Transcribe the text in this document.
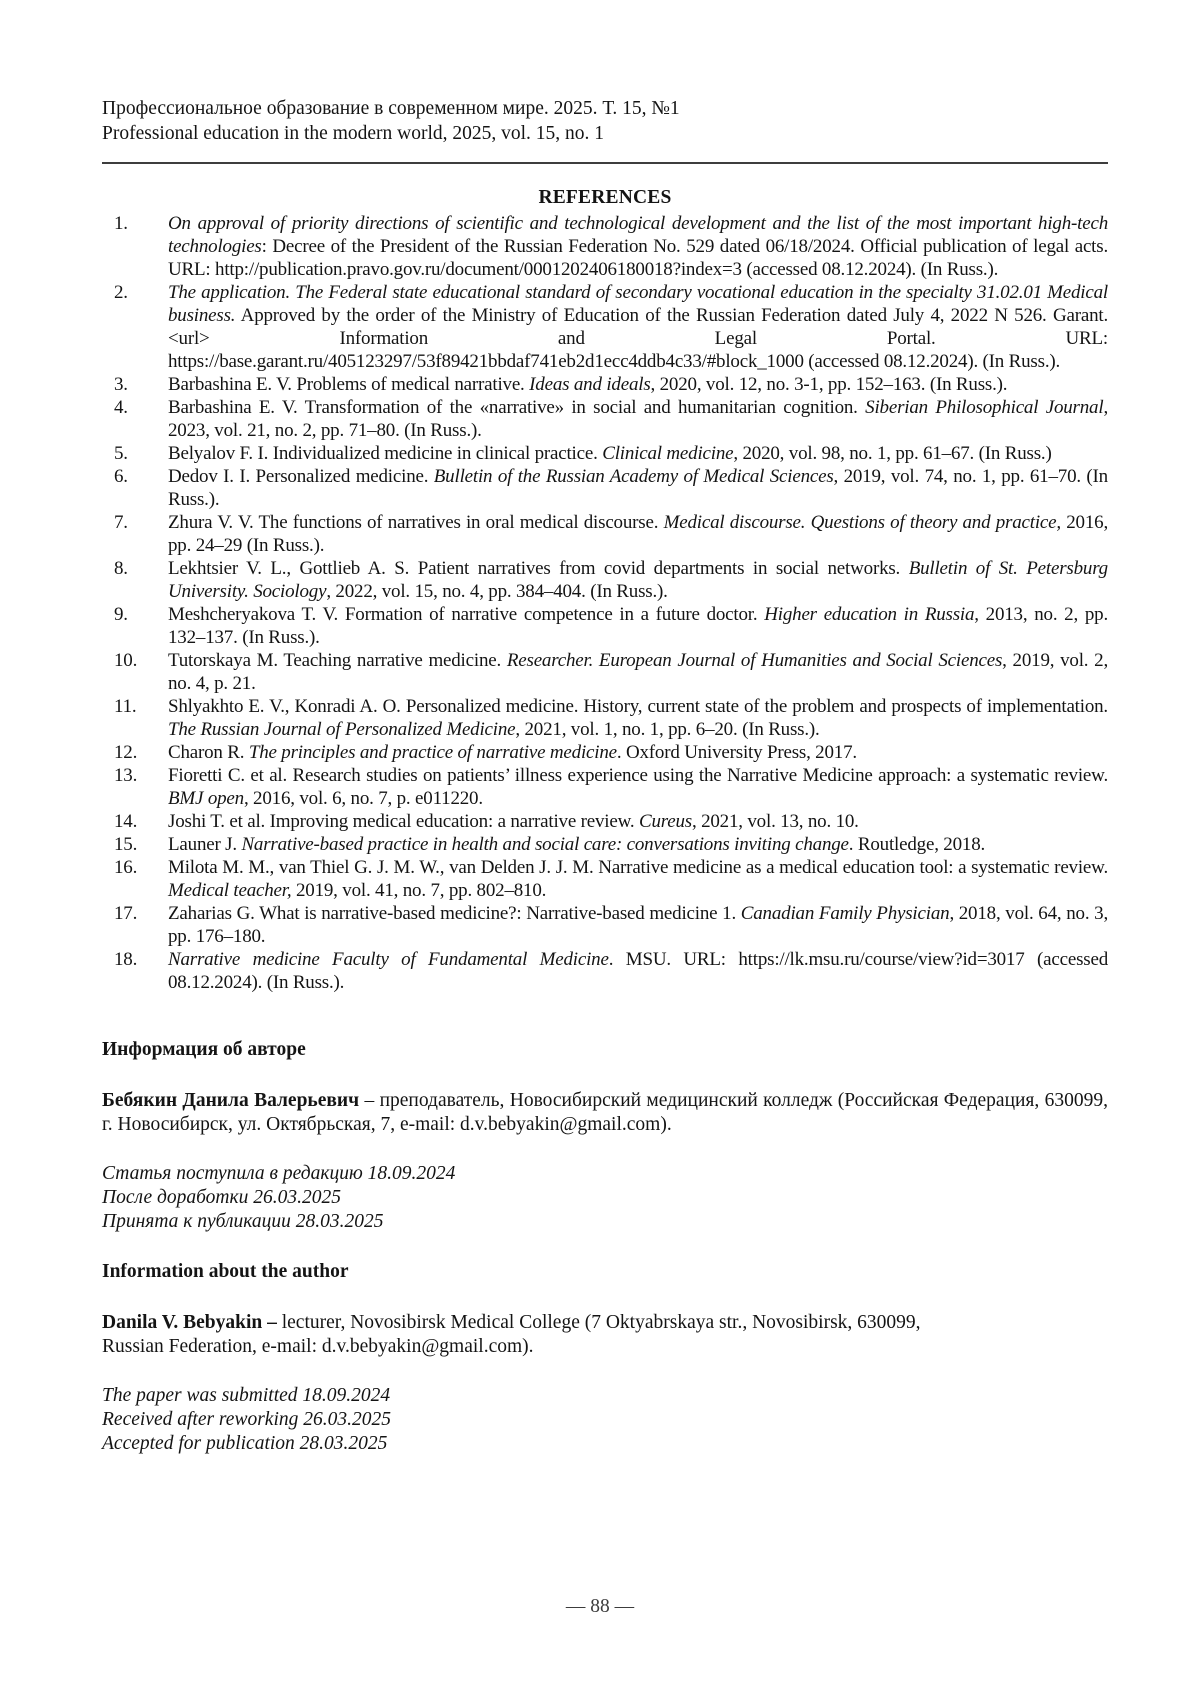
Профессиональное образование в современном мире. 2025. Т. 15, №1
Professional education in the modern world, 2025, vol. 15, no. 1
REFERENCES
1.	On approval of priority directions of scientific and technological development and the list of the most important high-tech technologies: Decree of the President of the Russian Federation No. 529 dated 06/18/2024. Official publication of legal acts. URL: http://publication.pravo.gov.ru/document/0001202406180018?index=3 (accessed 08.12.2024). (In Russ.).
2.	The application. The Federal state educational standard of secondary vocational education in the specialty 31.02.01 Medical business. Approved by the order of the Ministry of Education of the Russian Federation dated July 4, 2022 N 526. Garant.<url> Information and Legal Portal. URL: https://base.garant.ru/405123297/53f89421bbdaf741eb2d1ecc4ddb4c33/#block_1000 (accessed 08.12.2024). (In Russ.).
3.	Barbashina E. V. Problems of medical narrative. Ideas and ideals, 2020, vol. 12, no. 3-1, pp. 152–163. (In Russ.).
4.	Barbashina E. V. Transformation of the «narrative» in social and humanitarian cognition. Siberian Philosophical Journal, 2023, vol. 21, no. 2, pp. 71–80. (In Russ.).
5.	Belyalov F. I. Individualized medicine in clinical practice. Clinical medicine, 2020, vol. 98, no. 1, pp. 61–67. (In Russ.)
6.	Dedov I. I. Personalized medicine. Bulletin of the Russian Academy of Medical Sciences, 2019, vol. 74, no. 1, pp. 61–70. (In Russ.).
7.	Zhura V. V. The functions of narratives in oral medical discourse. Medical discourse. Questions of theory and practice, 2016, pp. 24–29 (In Russ.).
8.	Lekhtsier V. L., Gottlieb A. S. Patient narratives from covid departments in social networks. Bulletin of St. Petersburg University. Sociology, 2022, vol. 15, no. 4, pp. 384–404. (In Russ.).
9.	Meshcheryakova T. V. Formation of narrative competence in a future doctor. Higher education in Russia, 2013, no. 2, pp. 132–137. (In Russ.).
10.	Tutorskaya M. Teaching narrative medicine. Researcher. European Journal of Humanities and Social Sciences, 2019, vol. 2, no. 4, p. 21.
11.	Shlyakhto E. V., Konradi A. O. Personalized medicine. History, current state of the problem and prospects of implementation. The Russian Journal of Personalized Medicine, 2021, vol. 1, no. 1, pp. 6–20. (In Russ.).
12.	Charon R. The principles and practice of narrative medicine. Oxford University Press, 2017.
13.	Fioretti C. et al. Research studies on patients’ illness experience using the Narrative Medicine approach: a systematic review. BMJ open, 2016, vol. 6, no. 7, p. e011220.
14.	Joshi T. et al. Improving medical education: a narrative review. Cureus, 2021, vol. 13, no. 10.
15.	Launer J. Narrative-based practice in health and social care: conversations inviting change. Routledge, 2018.
16.	Milota M. M., van Thiel G. J. M. W., van Delden J. J. M. Narrative medicine as a medical education tool: a systematic review. Medical teacher, 2019, vol. 41, no. 7, pp. 802–810.
17.	Zaharias G. What is narrative-based medicine?: Narrative-based medicine 1. Canadian Family Physician, 2018, vol. 64, no. 3, pp. 176–180.
18.	Narrative medicine Faculty of Fundamental Medicine. MSU. URL: https://lk.msu.ru/course/view?id=3017 (accessed 08.12.2024). (In Russ.).
Информация об авторе

Бебякин Данила Валерьевич – преподаватель, Новосибирский медицинский колледж (Российская Федерация, 630099, г. Новосибирск, ул. Октябрьская, 7, e-mail: d.v.bebyakin@gmail.com).

Статья поступила в редакцию 18.09.2024
После доработки 26.03.2025
Принята к публикации 28.03.2025
Information about the author

Danila V. Bebyakin – lecturer, Novosibirsk Medical College (7 Oktyabrskaya str., Novosibirsk, 630099,
Russian Federation, e-mail: d.v.bebyakin@gmail.com).

The paper was submitted 18.09.2024
Received after reworking 26.03.2025
Accepted for publication 28.03.2025
— 88 —
